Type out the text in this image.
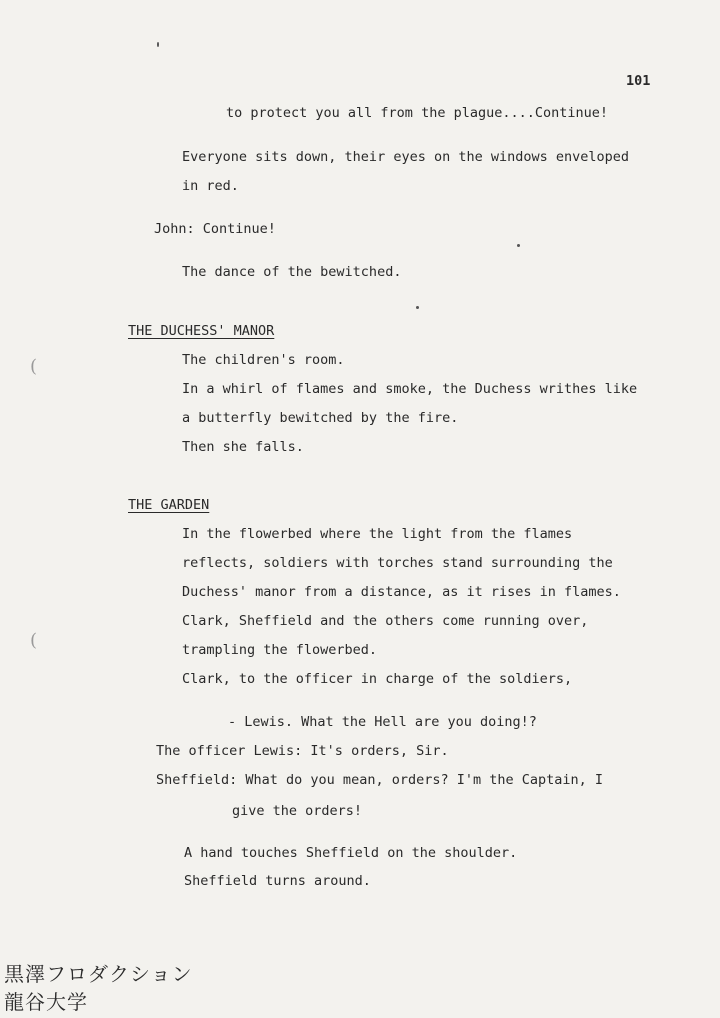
101
to protect you all from the plague....Continue!
Everyone sits down, their eyes on the windows enveloped
in red.
John: Continue!
The dance of the bewitched.
THE DUCHESS' MANOR
The children's room.
In a whirl of flames and smoke, the Duchess writhes like
a butterfly bewitched by the fire.
Then she falls.
THE GARDEN
In the flowerbed where the light from the flames
reflects, soldiers with torches stand surrounding the
Duchess' manor from a distance, as it rises in flames.
Clark, Sheffield and the others come running over,
trampling the flowerbed.
Clark, to the officer in charge of the soldiers,
- Lewis. What the Hell are you doing!?
The officer Lewis: It's orders, Sir.
Sheffield: What do you mean, orders? I'm the Captain, I
give the orders!
A hand touches Sheffield on the shoulder.
Sheffield turns around.
(
(
黒澤フロダクション
龍谷大学
